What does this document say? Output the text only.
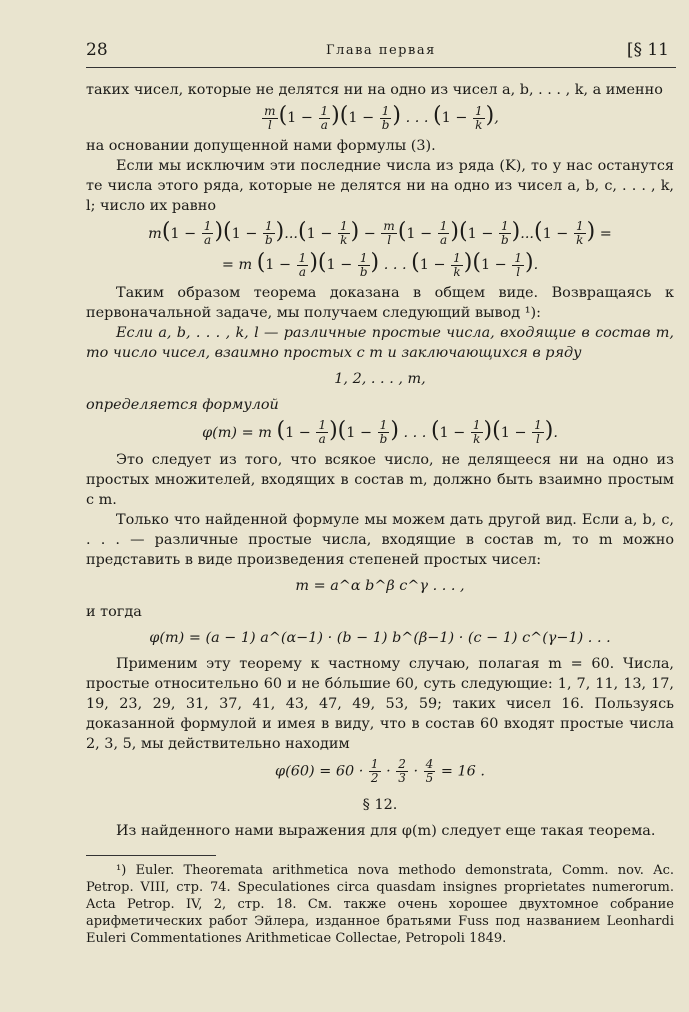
28	Глава первая	[§ 11

таких чисел, которые не делятся ни на одно из чисел a, b, . . . , k, а именно

$\frac{m}{l} (1 - \frac{1}{a} )(1 - \frac{1}{b}$ ) . . . ($1 - \frac{1}{k}$ ),

на основании допущенной нами формулы (3).

Если мы исключим эти последние числа из ряда (K), то у нас останутся те числа этого ряда, которые не делятся ни на одно из чисел a, b, c, . . . , k, l; число их равно

$m(1 - \frac{1}{a} )(1 - \frac{1}{b} )...(1 - \frac{1}{k}$ ) − $\frac{m}{l} (1 - \frac{1}{a} )(1 - \frac{1}{b} )...(1 - \frac{1}{k}$ ) =
= m $(1 - \frac{1}{a} )(1 - \frac{1}{b}$ ) . . . $(1 - \frac{1}{k} )(1 - \frac{1}{l}$ ).

Таким образом теорема доказана в общем виде. Возвращаясь к первоначальной задаче, мы получаем следующий вывод ¹):

Если a, b, . . . , k, l — различные простые числа, входящие в состав m, то число чисел, взаимно простых с m и заключающихся в ряду

1, 2, . . . , m,

определяется формулой

φ(m) = m $(1 - \frac{1}{a} )(1 - \frac{1}{b}$ ) . . . $(1 - \frac{1}{k} )(1 - \frac{1}{l}$ ).

Это следует из того, что всякое число, не делящееся ни на одно из простых множителей, входящих в состав m, должно быть взаимно простым с m.

Только что найденной формуле мы можем дать другой вид. Если a, b, c, . . . — различные простые числа, входящие в состав m, то m можно представить в виде произведения степеней простых чисел:

m = a^α b^β c^γ . . . ,

и тогда

φ(m) = (a − 1) a^(α−1) · (b − 1) b^(β−1) · (c − 1) c^(γ−1) . . .

Применим эту теорему к частному случаю, полагая m = 60. Числа, простые относительно 60 и не бо́льшие 60, суть следующие: 1, 7, 11, 13, 17, 19, 23, 29, 31, 37, 41, 43, 47, 49, 53, 59; таких чисел 16. Пользуясь доказанной формулой и имея в виду, что в состав 60 входят простые числа 2, 3, 5, мы действительно находим

$\varphi(60) = 60 \cdot \frac{1}{2} \cdot \frac{2}{3} \cdot \frac{4}{5} = 16$ .
§ 12.

Из найденного нами выражения для φ(m) следует еще такая теорема.

¹) Euler. Theoremata arithmetica nova methodo demonstrata, Comm. nov. Ac. Petrop. VIII, стр. 74. Speculationes circa quasdam insignes proprietates numerorum. Acta Petrop. IV, 2, стр. 18. См. также очень хорошее двухтомное собрание арифметических работ Эйлера, изданное братьями Fuss под названием Leonhardi Euleri Commentationes Arithmeticae Collectae, Petropoli 1849.
